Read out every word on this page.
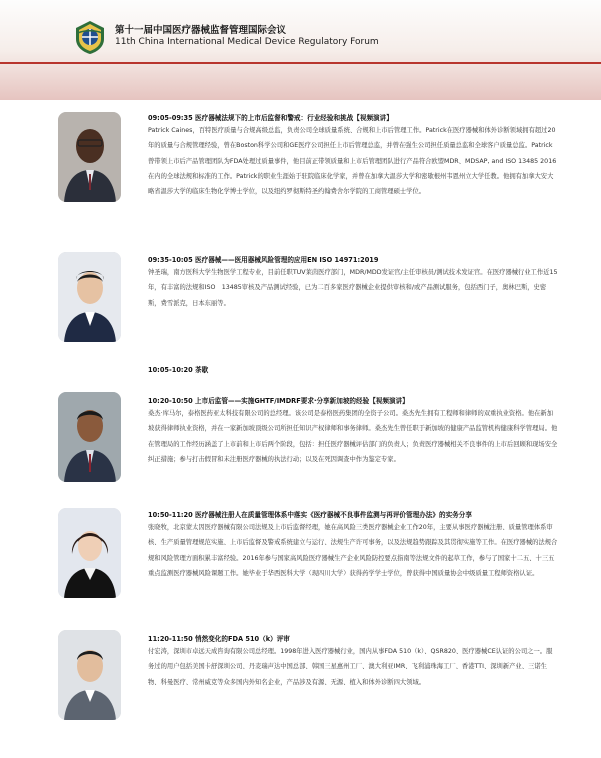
第十一届中国医疗器械监督管理国际会议
11th China International Medical Device Regulatory Forum
09:05-09:35 医疗器械法规下的上市后监督和警戒：行业经验和挑战【视频演讲】
Patrick Caines，百特医疗质量与合规高级总监，负责公司全球质量系统、合规和上市后管理工作。Patrick在医疗器械和体外诊断领域拥有超过20年的质量与合规管理经验，曾在Boston科学公司和GE医疗公司担任上市后管理总监，并曾在强生公司担任质量总监和全球客户质量总监。Patrick曾带领上市后产品管理团队为FDA处理过质量事件，他目前正带领质量和上市后管理团队进行产品符合欧盟MDR、MDSAP, and ISO 13485 2016在内的全球法规和标准的工作。Patrick的职业生涯始于驻院临床化学家，并曾在加拿大温莎大学和密歇根州韦恩州立大学任教。他拥有加拿大安大略省温莎大学的临床生物化学博士学位，以及纽约罗彻斯特圣约翰费舍尔学院的工商管理硕士学位。
09:35-10:05 医疗器械——医用器械风险管理的应用EN ISO 14971:2019
钟圣瑞，南方医科大学生物医学工程专业，目前任职TUV莱茵医疗部门，MDR/MDD发证官/主任审核员/测试技术发证官。在医疗器械行业工作近15年，有丰富的法规和ISO　13485审核及产品测试经验，已为二百多家医疗器械企业提供审核和/或产品测试服务，包括西门子，奥林巴斯，史密斯，费雪派克，日本东丽等。
10:05-10:20 茶歇
10:20-10:50 上市后监管——实施GHTF/IMDRF要求·分享新加坡的经验【视频演讲】
桑杰·库马尔，泰格医药亚太科技有限公司的总经理。该公司是泰格医药集团的全资子公司。桑杰先生拥有工程师和律师的双重执业资格。他在新加坡获得律师执业资格，并在一家新加坡顶级公司所担任知识产权律师和事务律师。桑杰先生曾任职于新加坡的健康产品监管机构健康科学管理局。他在管理局的工作经历涵盖了上市前和上市后两个阶段，包括：担任医疗器械评估部门的负责人；负责医疗器械相关不良事件的上市后回顾和现场安全纠正措施；参与打击假冒和未注册医疗器械的执法行动；以及在死因调查中作为鉴定专家。
10:50-11:20 医疗器械注册人在质量管理体系中落实《医疗器械不良事件监测与再评价管理办法》的实务分享
张晓牧，北京蒙太因医疗器械有限公司法规及上市后监督经理，她在高风险三类医疗器械企业工作20年，主要从事医疗器械注册、质量管理体系审核、生产质量管理规范实施、上市后监督及警戒系统建立与运行、法规生产许可事务，以及法规趋势跟踪及其贯彻实施等工作。在医疗器械的法规合规和风险管理方面积累丰富经验。2016年参与国家高风险医疗器械生产企业风险防控要点指南等法规文件的起草工作，参与了国家十二五、十三五重点监测医疗器械风险课题工作。她毕业于华西医科大学（现四川大学）获得药学学士学位，曾获得中国质量协会中级质量工程师资格认证。
11:20-11:50 悄然变化的FDA 510（k）评审
付宏涛，深圳市卓远天成咨询有限公司总经理。1998年进入医疗器械行业，国内从事FDA 510（k）、QSR820、医疗器械CE认证的公司之一。服务过的用户包括美国卡舒深圳公司、丹麦瑞声达中国总部、韩国三星惠州工厂、澳大利亚IMR、飞利浦珠海工厂、香港TTI、深圳新产业、三诺生物、科曼医疗、常州威克等众多国内外知名企业，产品涉及有源、无源、植入和体外诊断四大领域。
